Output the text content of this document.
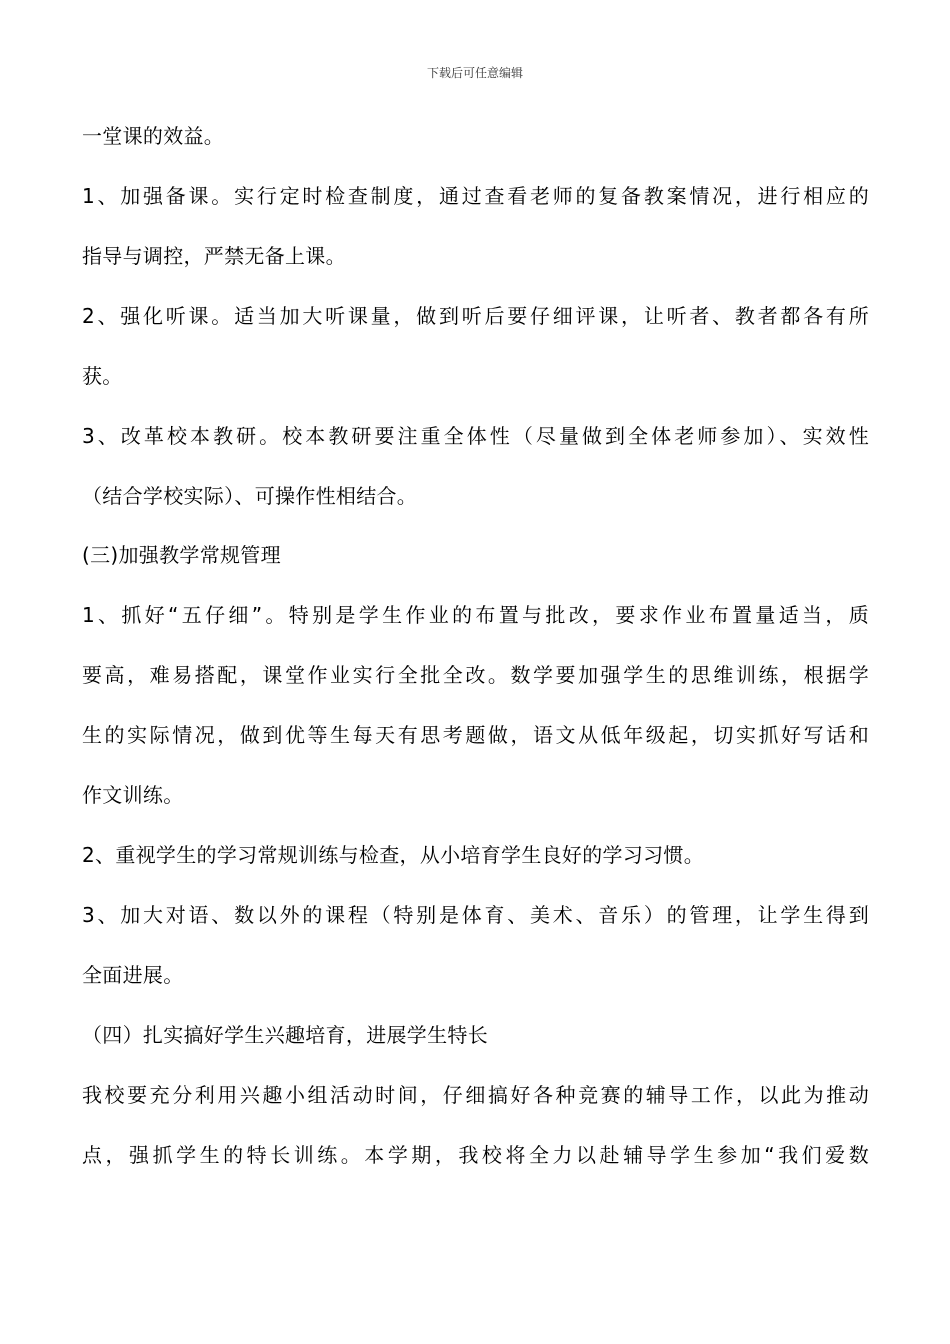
下载后可任意编辑
一堂课的效益。
1、加强备课。实行定时检查制度，通过查看老师的复备教案情况，进行相应的
指导与调控，严禁无备上课。
2、强化听课。适当加大听课量，做到听后要仔细评课，让听者、教者都各有所
获。
3、改革校本教研。校本教研要注重全体性（尽量做到全体老师参加）、实效性
（结合学校实际）、可操作性相结合。
(三)加强教学常规管理
1、抓好“五仔细”。特别是学生作业的布置与批改，要求作业布置量适当，质
要高，难易搭配，课堂作业实行全批全改。数学要加强学生的思维训练，根据学
生的实际情况，做到优等生每天有思考题做，语文从低年级起，切实抓好写话和
作文训练。
2、重视学生的学习常规训练与检查，从小培育学生良好的学习习惯。
3、加大对语、数以外的课程（特别是体育、美术、音乐）的管理，让学生得到
全面进展。
（四）扎实搞好学生兴趣培育，进展学生特长
我校要充分利用兴趣小组活动时间，仔细搞好各种竞赛的辅导工作，以此为推动
点，强抓学生的特长训练。本学期，我校将全力以赴辅导学生参加“我们爱数
